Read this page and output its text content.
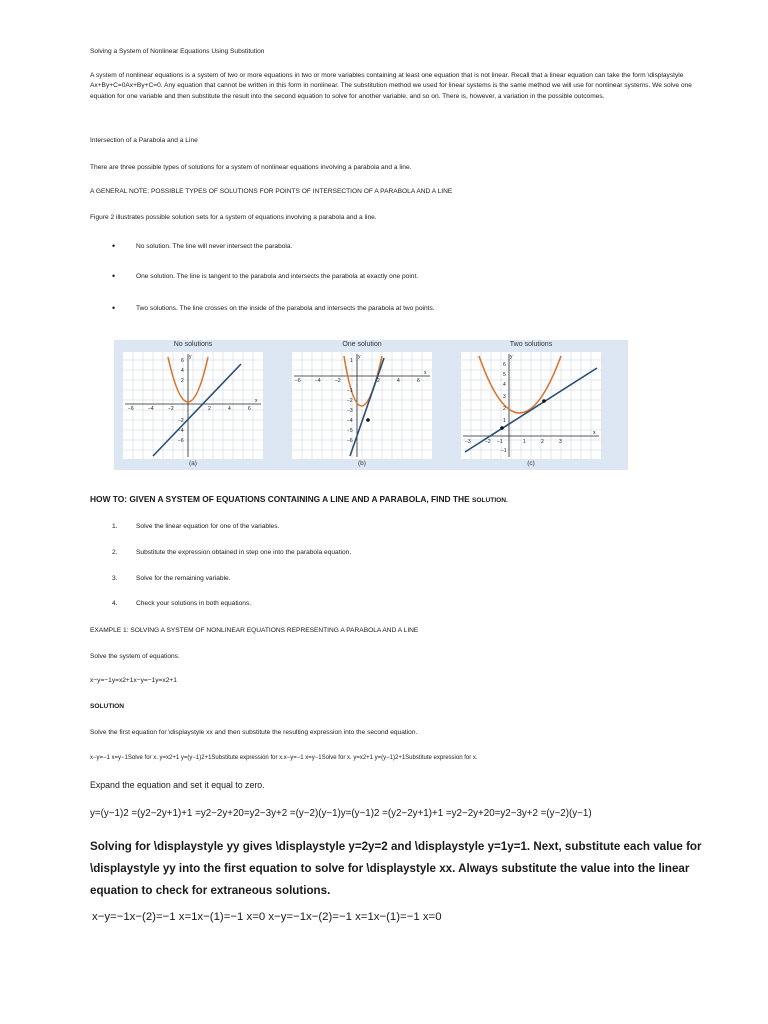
Solving a System of Nonlinear Equations Using Substitution

A system of nonlinear equations is a system of two or more equations in two or more variables containing at least one equation that is not linear. Recall that a linear equation can take the form \displaystyle Ax+By+C=0Ax+By+C=0. Any equation that cannot be written in this form in nonlinear. The substitution method we used for linear systems is the same method we will use for nonlinear systems. We solve one equation for one variable and then substitute the result into the second equation to solve for another variable, and so on. There is, however, a variation in the possible outcomes.

Intersection of a Parabola and a Line

There are three possible types of solutions for a system of nonlinear equations involving a parabola and a line.

A GENERAL NOTE: POSSIBLE TYPES OF SOLUTIONS FOR POINTS OF INTERSECTION OF A PARABOLA AND A LINE

Figure 2 illustrates possible solution sets for a system of equations involving a parabola and a line.

•	No solution. The line will never intersect the parabola.
•	One solution. The line is tangent to the parabola and intersects the parabola at exactly one point.
•	Two solutions. The line crosses on the inside of the parabola and intersects the parabola at two points.
No solutions
−6	−4	−2	2	4	6
6
4
2
−2
−4
−6
y
x
(a)
One solution
−6	−4	−2	2	4	6
1
−1
−2
−3
−4
−5
−6
y
x
(b)
Two solutions
−3	−2 −1	1	2	3
6
5
4
3
2
1
−1
y
x
(c)
HOW TO: GIVEN A SYSTEM OF EQUATIONS CONTAINING A LINE AND A PARABOLA, FIND THE SOLUTION.
1.	Solve the linear equation for one of the variables.
2.	Substitute the expression obtained in step one into the parabola equation.
3.	Solve for the remaining variable.
4.	Check your solutions in both equations.

EXAMPLE 1: SOLVING A SYSTEM OF NONLINEAR EQUATIONS REPRESENTING A PARABOLA AND A LINE

Solve the system of equations.

x−y=−1y=x2+1x−y=−1y=x2+1

SOLUTION

Solve the first equation for \displaystyle xx and then substitute the resulting expression into the second equation.

x−y=−1 x=y−1Solve for x. y=x2+1 y=(y−1)2+1Substitute expression for x.x−y=−1 x=y−1Solve for x. y=x2+1 y=(y−1)2+1Substitute expression for x.
Expand the equation and set it equal to zero.
y=(y−1)2 =(y2−2y+1)+1 =y2−2y+20=y2−3y+2 =(y−2)(y−1)y=(y−1)2 =(y2−2y+1)+1 =y2−2y+20=y2−3y+2 =(y−2)(y−1)
Solving for \displaystyle yy gives \displaystyle y=2y=2 and \displaystyle y=1y=1. Next, substitute each value for \displaystyle yy into the first equation to solve for \displaystyle xx. Always substitute the value into the linear equation to check for extraneous solutions.
x−y=−1x−(2)=−1 x=1x−(1)=−1 x=0 x−y=−1x−(2)=−1 x=1x−(1)=−1 x=0
